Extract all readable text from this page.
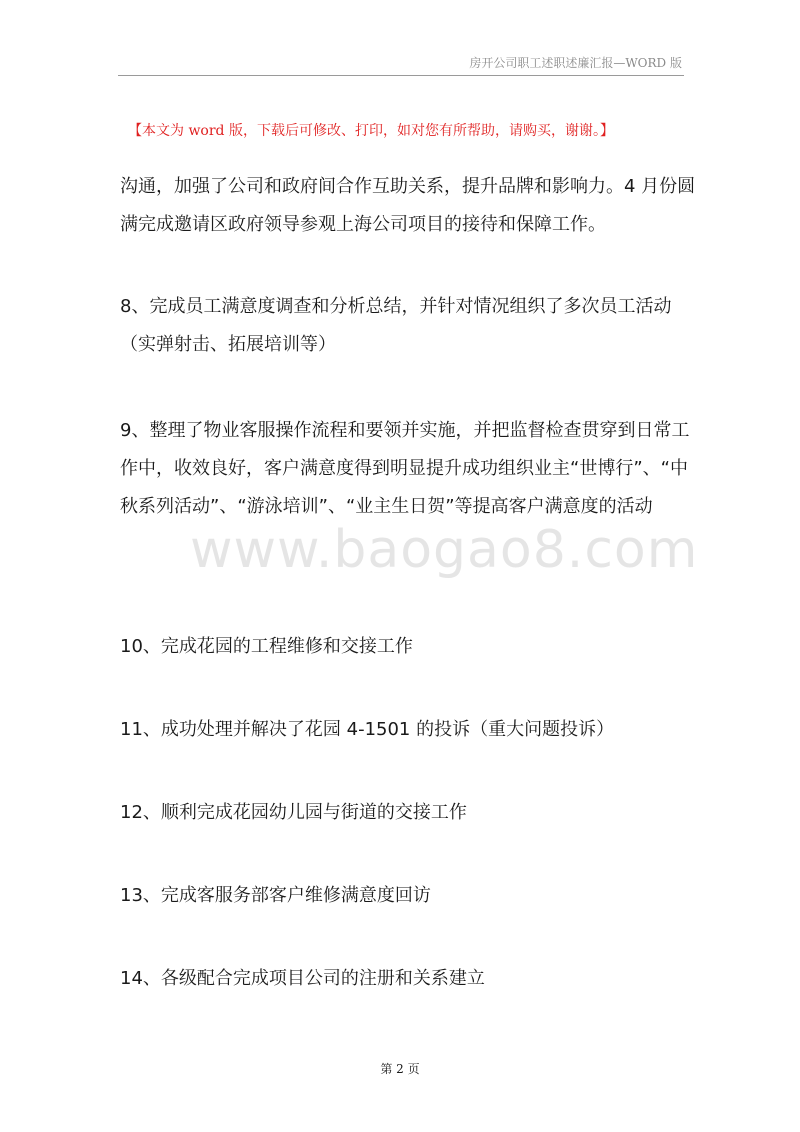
房开公司职工述职述廉汇报—WORD 版
【本文为 word 版，下载后可修改、打印，如对您有所帮助，请购买，谢谢。】

沟通，加强了公司和政府间合作互助关系，提升品牌和影响力。4 月份圆满完成邀请区政府领导参观上海公司项目的接待和保障工作。

8、完成员工满意度调查和分析总结，并针对情况组织了多次员工活动（实弹射击、拓展培训等）

9、整理了物业客服操作流程和要领并实施，并把监督检查贯穿到日常工作中，收效良好，客户满意度得到明显提升成功组织业主“世博行”、“中秋系列活动”、“游泳培训”、“业主生日贺”等提高客户满意度的活动

www.baogao8.com
10、完成花园的工程维修和交接工作
11、成功处理并解决了花园 4-1501 的投诉（重大问题投诉）
12、顺利完成花园幼儿园与街道的交接工作
13、完成客服务部客户维修满意度回访
14、各级配合完成项目公司的注册和关系建立
第 2 页
